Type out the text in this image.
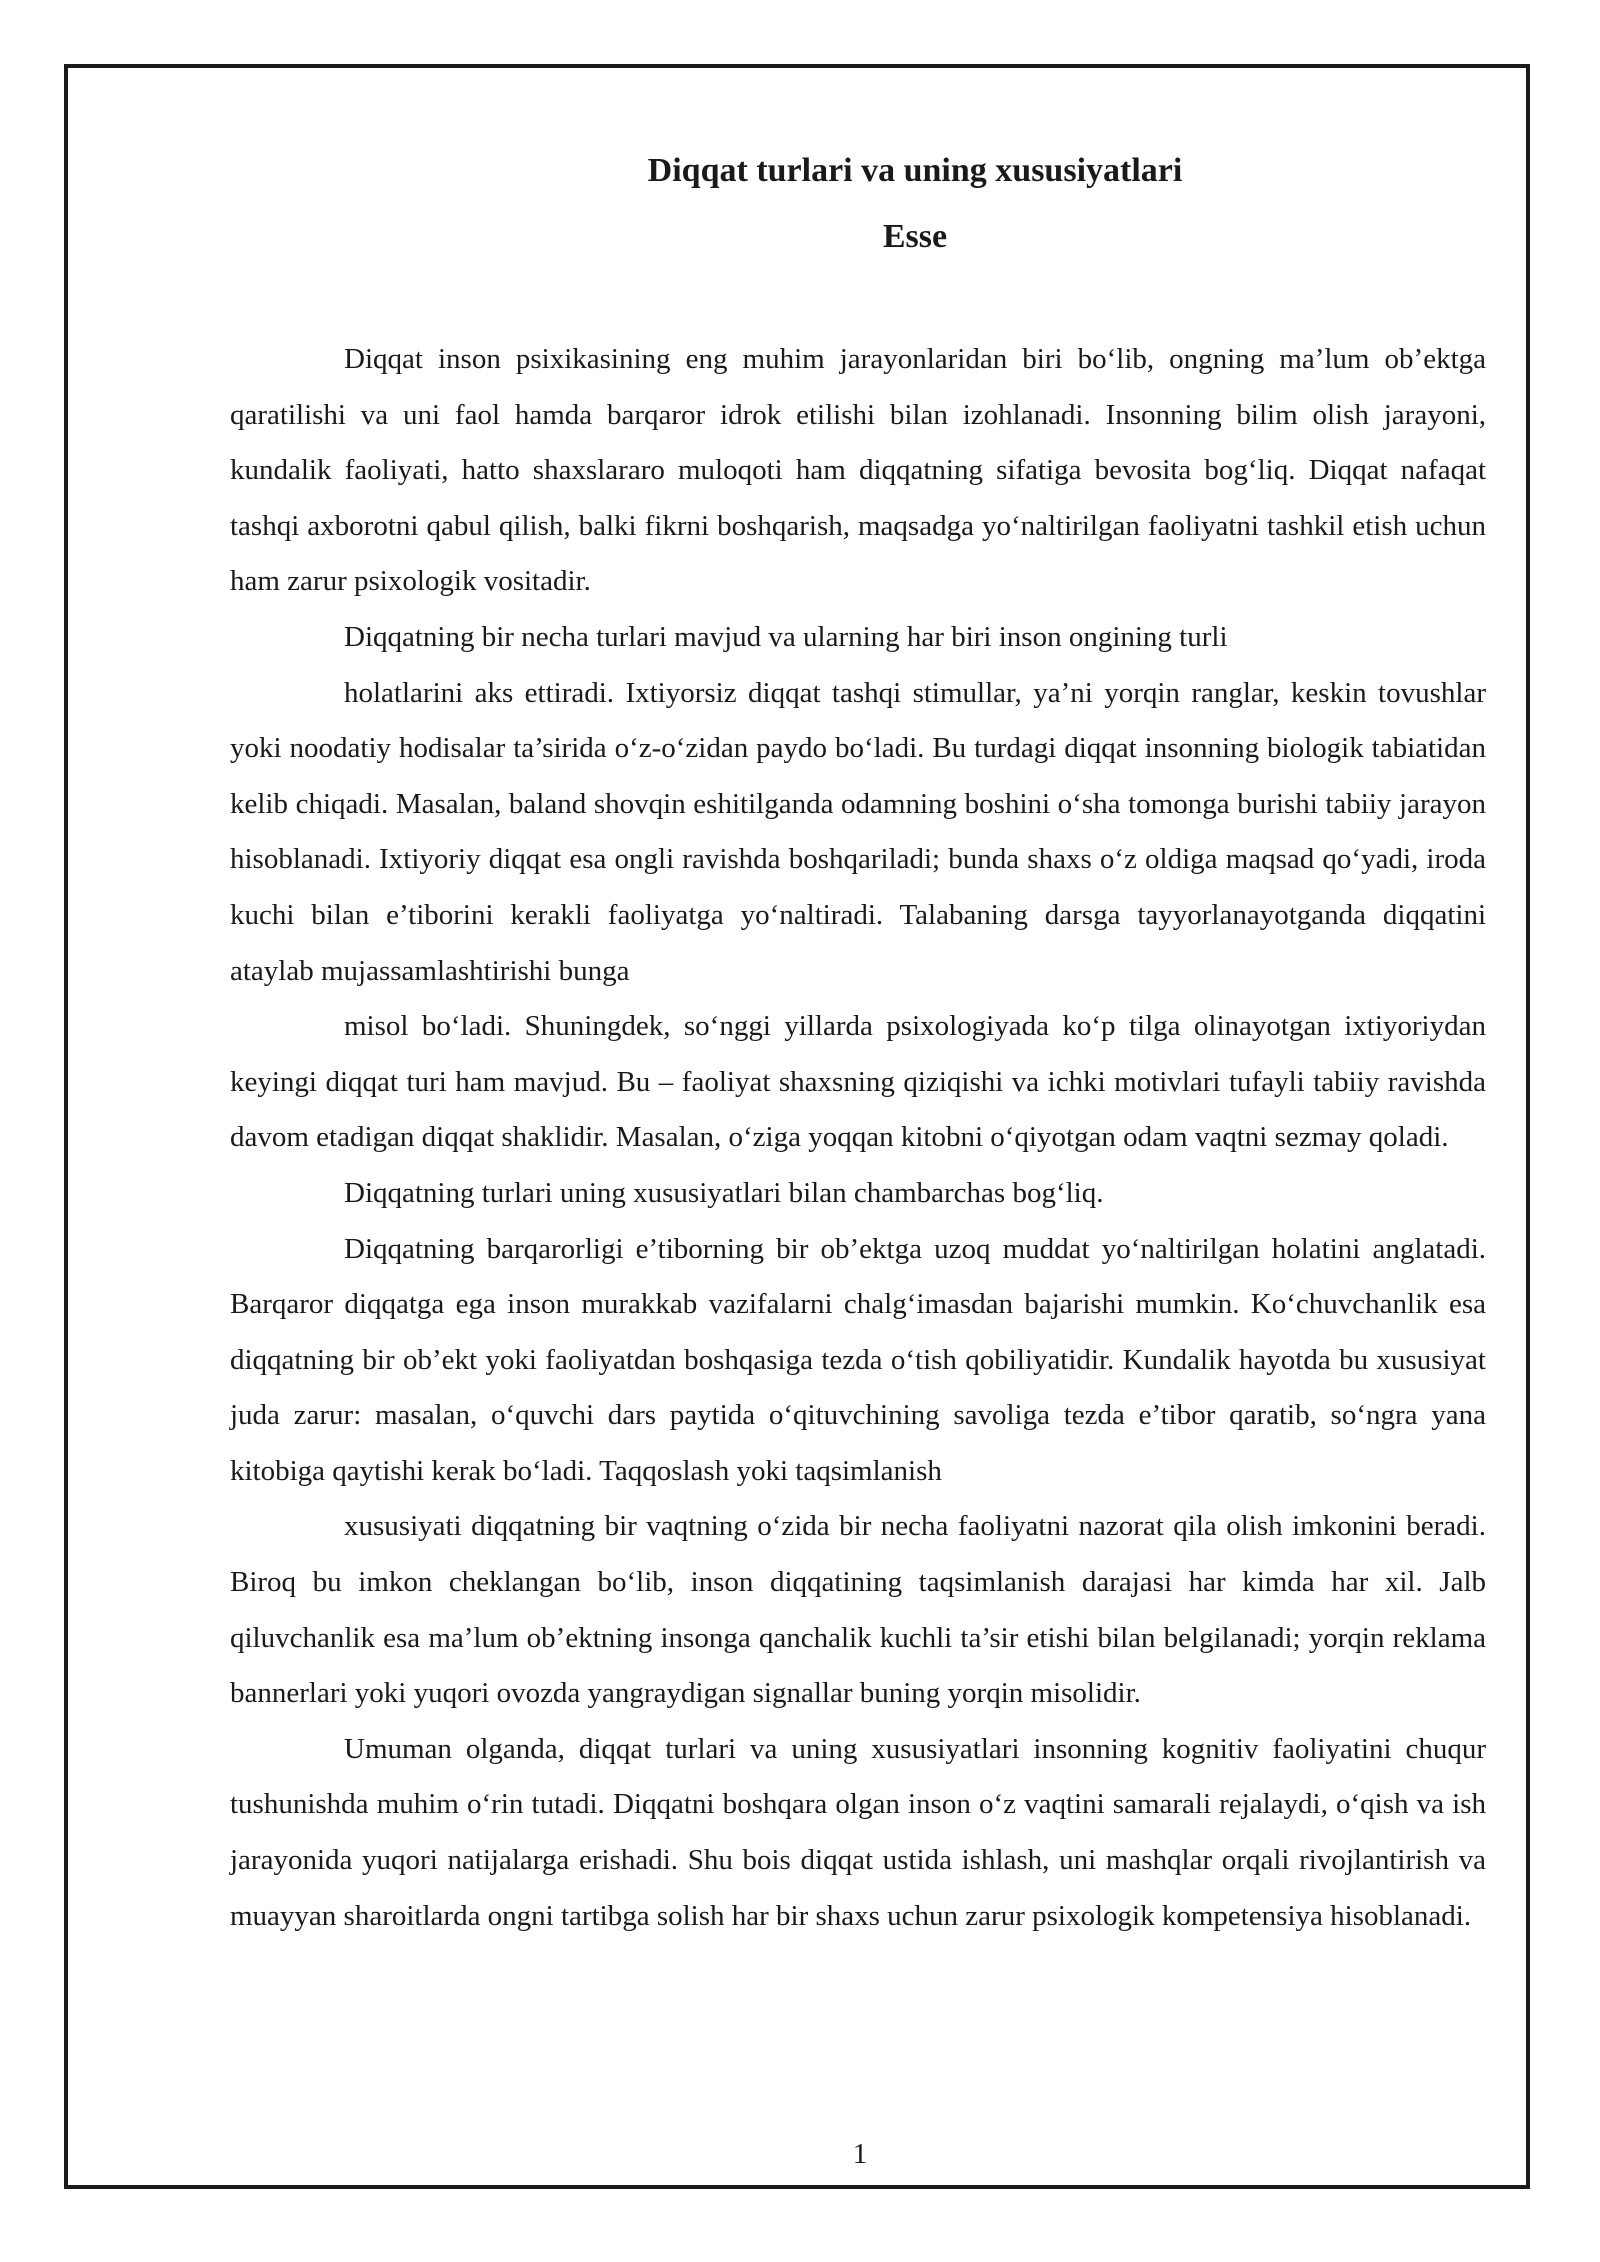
Diqqat turlari va uning xususiyatlari
Esse

Diqqat inson psixikasining eng muhim jarayonlaridan biri bo‘lib, ongning ma’lum ob’ektga qaratilishi va uni faol hamda barqaror idrok etilishi bilan izohlanadi. Insonning bilim olish jarayoni, kundalik faoliyati, hatto shaxslararo muloqoti ham diqqatning sifatiga bevosita bog‘liq. Diqqat nafaqat tashqi axborotni qabul qilish, balki fikrni boshqarish, maqsadga yo‘naltirilgan faoliyatni tashkil etish uchun ham zarur psixologik vositadir.

Diqqatning bir necha turlari mavjud va ularning har biri inson ongining turli

holatlarini aks ettiradi. Ixtiyorsiz diqqat tashqi stimullar, ya’ni yorqin ranglar, keskin tovushlar yoki noodatiy hodisalar ta’sirida o‘z-o‘zidan paydo bo‘ladi. Bu turdagi diqqat insonning biologik tabiatidan kelib chiqadi. Masalan, baland shovqin eshitilganda odamning boshini o‘sha tomonga burishi tabiiy jarayon hisoblanadi. Ixtiyoriy diqqat esa ongli ravishda boshqariladi; bunda shaxs o‘z oldiga maqsad qo‘yadi, iroda kuchi bilan e’tiborini kerakli faoliyatga yo‘naltiradi. Talabaning darsga tayyorlanayotganda diqqatini ataylab mujassamlashtirishi bunga

misol bo‘ladi. Shuningdek, so‘nggi yillarda psixologiyada ko‘p tilga olinayotgan ixtiyoriydan keyingi diqqat turi ham mavjud. Bu – faoliyat shaxsning qiziqishi va ichki motivlari tufayli tabiiy ravishda davom etadigan diqqat shaklidir. Masalan, o‘ziga yoqqan kitobni o‘qiyotgan odam vaqtni sezmay qoladi.

Diqqatning turlari uning xususiyatlari bilan chambarchas bog‘liq.

Diqqatning barqarorligi e’tiborning bir ob’ektga uzoq muddat yo‘naltirilgan holatini anglatadi. Barqaror diqqatga ega inson murakkab vazifalarni chalg‘imasdan bajarishi mumkin. Ko‘chuvchanlik esa diqqatning bir ob’ekt yoki faoliyatdan boshqasiga tezda o‘tish qobiliyatidir. Kundalik hayotda bu xususiyat juda zarur: masalan, o‘quvchi dars paytida o‘qituvchining savoliga tezda e’tibor qaratib, so‘ngra yana kitobiga qaytishi kerak bo‘ladi. Taqqoslash yoki taqsimlanish

xususiyati diqqatning bir vaqtning o‘zida bir necha faoliyatni nazorat qila olish imkonini beradi. Biroq bu imkon cheklangan bo‘lib, inson diqqatining taqsimlanish darajasi har kimda har xil. Jalb qiluvchanlik esa ma’lum ob’ektning insonga qanchalik kuchli ta’sir etishi bilan belgilanadi; yorqin reklama bannerlari yoki yuqori ovozda yangraydigan signallar buning yorqin misolidir.

Umuman olganda, diqqat turlari va uning xususiyatlari insonning kognitiv faoliyatini chuqur tushunishda muhim o‘rin tutadi. Diqqatni boshqara olgan inson o‘z vaqtini samarali rejalaydi, o‘qish va ish jarayonida yuqori natijalarga erishadi. Shu bois diqqat ustida ishlash, uni mashqlar orqali rivojlantirish va muayyan sharoitlarda ongni tartibga solish har bir shaxs uchun zarur psixologik kompetensiya hisoblanadi.

1
